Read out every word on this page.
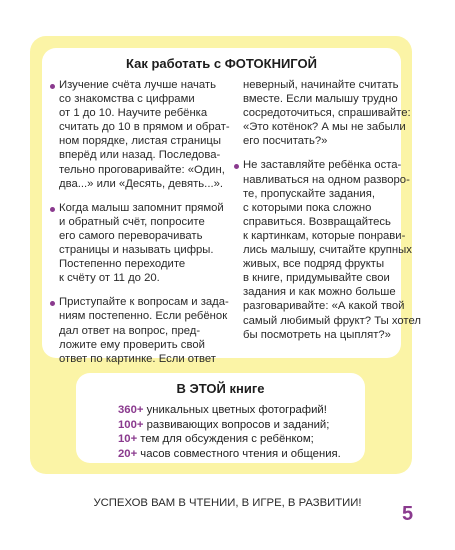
Как работать с ФОТОКНИГОЙ
Изучение счёта лучше начать
со знакомства с цифрами
от 1 до 10. Научите ребёнка
считать до 10 в прямом и обрат-
ном порядке, листая страницы
вперёд или назад. Последова-
тельно проговаривайте: «Один,
два...» или «Десять, девять...».
Когда малыш запомнит прямой
и обратный счёт, попросите
его самого переворачивать
страницы и называть цифры.
Постепенно переходите
к счёту от 11 до 20.
Приступайте к вопросам и зада-
ниям постепенно. Если ребёнок
дал ответ на вопрос, пред-
ложите ему проверить свой
ответ по картинке. Если ответ
неверный, начинайте считать
вместе. Если малышу трудно
сосредоточиться, спрашивайте:
«Это котёнок? А мы не забыли
его посчитать?»
Не заставляйте ребёнка оста-
навливаться на одном разворо-
те, пропускайте задания,
с которыми пока сложно
справиться. Возвращайтесь
к картинкам, которые понрави-
лись малышу, считайте крупных
живых, все подряд фрукты
в книге, придумывайте свои
задания и как можно больше
разговаривайте: «А какой твой
самый любимый фрукт? Ты хотел
бы посмотреть на цыплят?»
В ЭТОЙ книге
360+ уникальных цветных фотографий!
100+ развивающих вопросов и заданий;
10+ тем для обсуждения с ребёнком;
20+ часов совместного чтения и общения.
УСПЕХОВ ВАМ В ЧТЕНИИ, В ИГРЕ, В РАЗВИТИИ!	5
